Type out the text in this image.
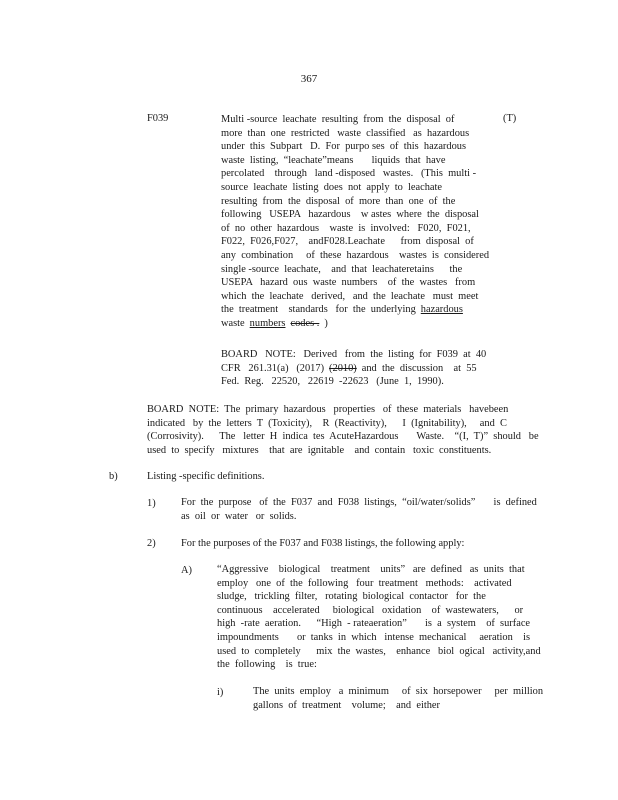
367
F039	(T)
Multi -source  leachate  resulting  from  the  disposal  of
more  than  one  restricted   waste  classified   as  hazardous
under  this  Subpart   D.  For  purpo ses  of  this  hazardous
waste  listing,  “leachate”means       liquids  that  have
percolated    through   land -disposed   wastes.   (This  multi -
source  leachate  listing  does  not  apply  to  leachate
resulting  from  the  disposal  of  more  than  one  of  the
following   USEPA   hazardous    w astes  where  the  disposal
of  no  other  hazardous    waste  is  involved:   F020,  F021,
F022,  F026,F027,    andF028.Leachate      from  disposal  of
any  combination     of  these  hazardous    wastes  is  considered
single -source  leachate,    and  that  leachateretains      the
USEPA   hazard  ous  waste  numbers    of  the  wastes   from
which  the  leachate   derived,   and  the  leachate   must  meet
the  treatment    standards   for  the  underlying hazardous
waste numbers codes . )
BOARD   NOTE:   Derived   from  the  listing  for  F039  at  40
CFR   261.31(a)   (2017) (2010) and  the  discussion    at  55
Fed.  Reg.   22520,   22619  -22623   (June  1,  1990).
BOARD  NOTE:  The  primary  hazardous   properties   of  these  materials   havebeen
indicated   by  the  letters  T  (Toxicity),    R  (Reactivity),      I  (Ignitability),     and  C
(Corrosivity).      The   letter  H  indica  tes  AcuteHazardous       Waste.    “(I,  T)”  should   be
used  to  specify   mixtures    that  are  ignitable    and  contain   toxic  constituents.
b)	Listing -specific definitions.
1) For  the  purpose   of  the  F037  and  F038  listings,  “oil/water/solids”       is  defined
as  oil  or  water   or  solids.
2) For the purposes of the F037 and F038 listings, the following apply:
A) “Aggressive    biological    treatment    units”   are  defined   as  units  that
employ   one  of  the  following   four  treatment   methods:    activated
sludge,   trickling  filter,   rotating  biological  contactor   for  the
continuous    accelerated     biological   oxidation    of  wastewaters,      or
high  -rate  aeration.      “High  - rateaeration”       is  a  system    of  surface
impoundments       or  tanks  in  which   intense  mechanical     aeration    is
used  to  completely      mix  the  wastes,    enhance   biol  ogical   activity,and
the  following    is  true:
i)	The  units  employ   a  minimum     of  six  horsepower     per  million
gallons  of  treatment    volume;    and  either
